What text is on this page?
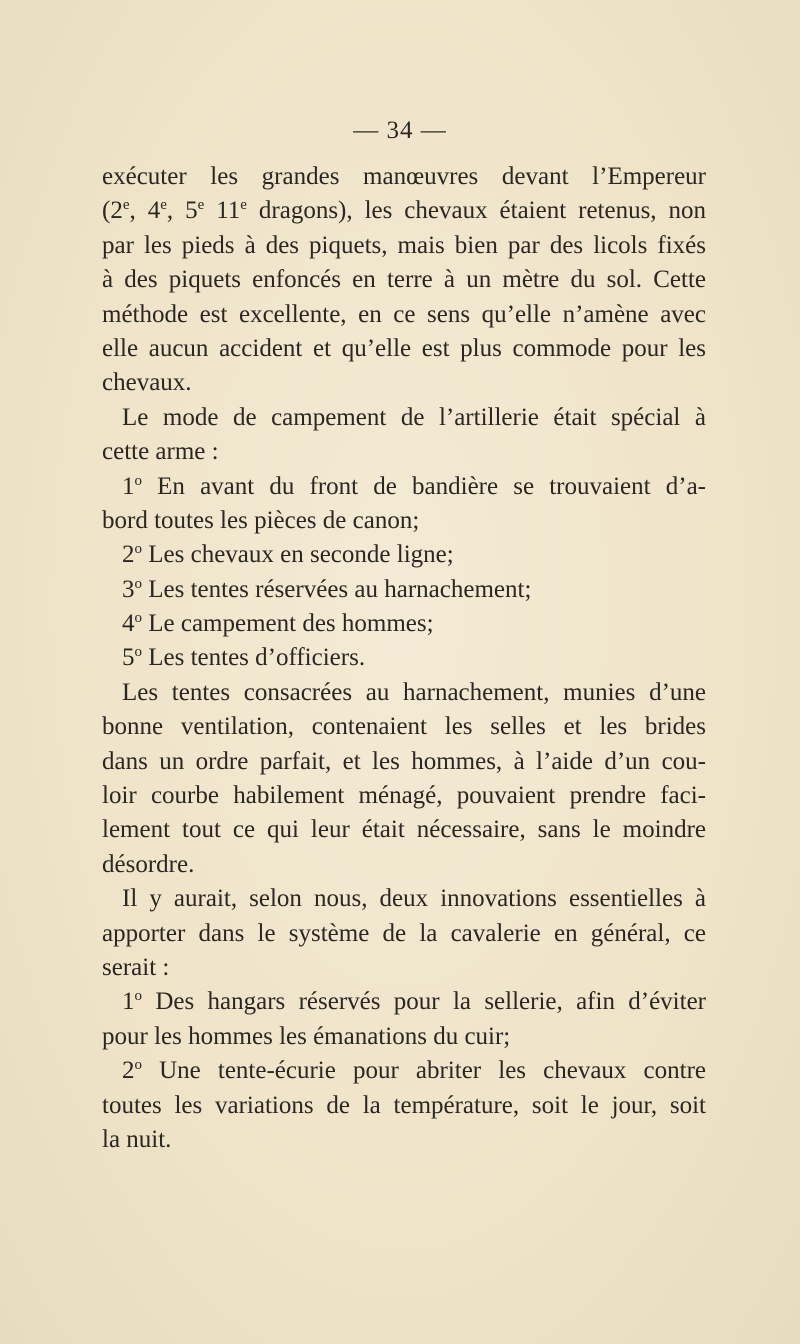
— 34 —
exécuter les grandes manœuvres devant l’Empereur
(2e, 4e, 5e 11e dragons), les chevaux étaient retenus, non
par les pieds à des piquets, mais bien par des licols fixés
à des piquets enfoncés en terre à un mètre du sol. Cette
méthode est excellente, en ce sens qu’elle n’amène avec
elle aucun accident et qu’elle est plus commode pour les
chevaux.
Le mode de campement de l’artillerie était spécial à
cette arme :
1$^o$ En avant du front de bandière se trouvaient d’a-
bord toutes les pièces de canon;
2$^o$ Les chevaux en seconde ligne;
3$^o$ Les tentes réservées au harnachement;
4$^o$ Le campement des hommes;
5$^o$ Les tentes d’officiers.
Les tentes consacrées au harnachement, munies d’une
bonne ventilation, contenaient les selles et les brides
dans un ordre parfait, et les hommes, à l’aide d’un cou-
loir courbe habilement ménagé, pouvaient prendre faci-
lement tout ce qui leur était nécessaire, sans le moindre
désordre.
Il y aurait, selon nous, deux innovations essentielles à
apporter dans le système de la cavalerie en général, ce
serait :
1$^o$ Des hangars réservés pour la sellerie, afin d’éviter
pour les hommes les émanations du cuir;
2$^o$ Une tente-écurie pour abriter les chevaux contre
toutes les variations de la température, soit le jour, soit
la nuit.
